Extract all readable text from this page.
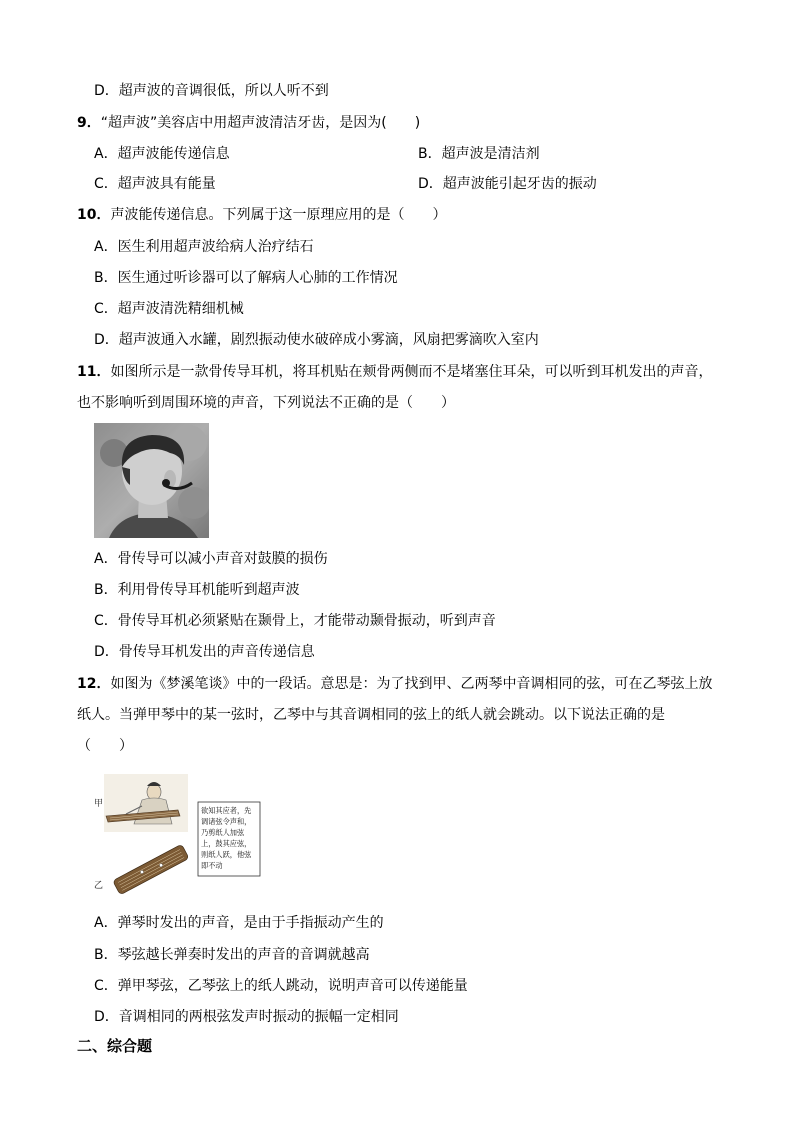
D．超声波的音调很低，所以人听不到
9．“超声波”美容店中用超声波清洁牙齿，是因为(　　)
A．超声波能传递信息	B．超声波是清洁剂
C．超声波具有能量	D．超声波能引起牙齿的振动
10．声波能传递信息。下列属于这一原理应用的是（　　）
A．医生利用超声波给病人治疗结石
B．医生通过听诊器可以了解病人心肺的工作情况
C．超声波清洗精细机械
D．超声波通入水罐，剧烈振动使水破碎成小雾滴，风扇把雾滴吹入室内
11．如图所示是一款骨传导耳机，将耳机贴在颊骨两侧而不是堵塞住耳朵，可以听到耳机发出的声音，
也不影响听到周围环境的声音，下列说法不正确的是（　　）
A．骨传导可以减小声音对鼓膜的损伤
B．利用骨传导耳机能听到超声波
C．骨传导耳机必须紧贴在颞骨上，才能带动颞骨振动，听到声音
D．骨传导耳机发出的声音传递信息
12．如图为《梦溪笔谈》中的一段话。意思是：为了找到甲、乙两琴中音调相同的弦，可在乙琴弦上放
纸人。当弹甲琴中的某一弦时，乙琴中与其音调相同的弦上的纸人就会跳动。以下说法正确的是
（　　）
甲
乙
欲知其应者，先
调诸弦令声和，
乃剪纸人加弦
上，鼓其应弦，
则纸人跃，他弦
即不动
A．弹琴时发出的声音，是由于手指振动产生的
B．琴弦越长弹奏时发出的声音的音调就越高
C．弹甲琴弦，乙琴弦上的纸人跳动，说明声音可以传递能量
D．音调相同的两根弦发声时振动的振幅一定相同
二、综合题
